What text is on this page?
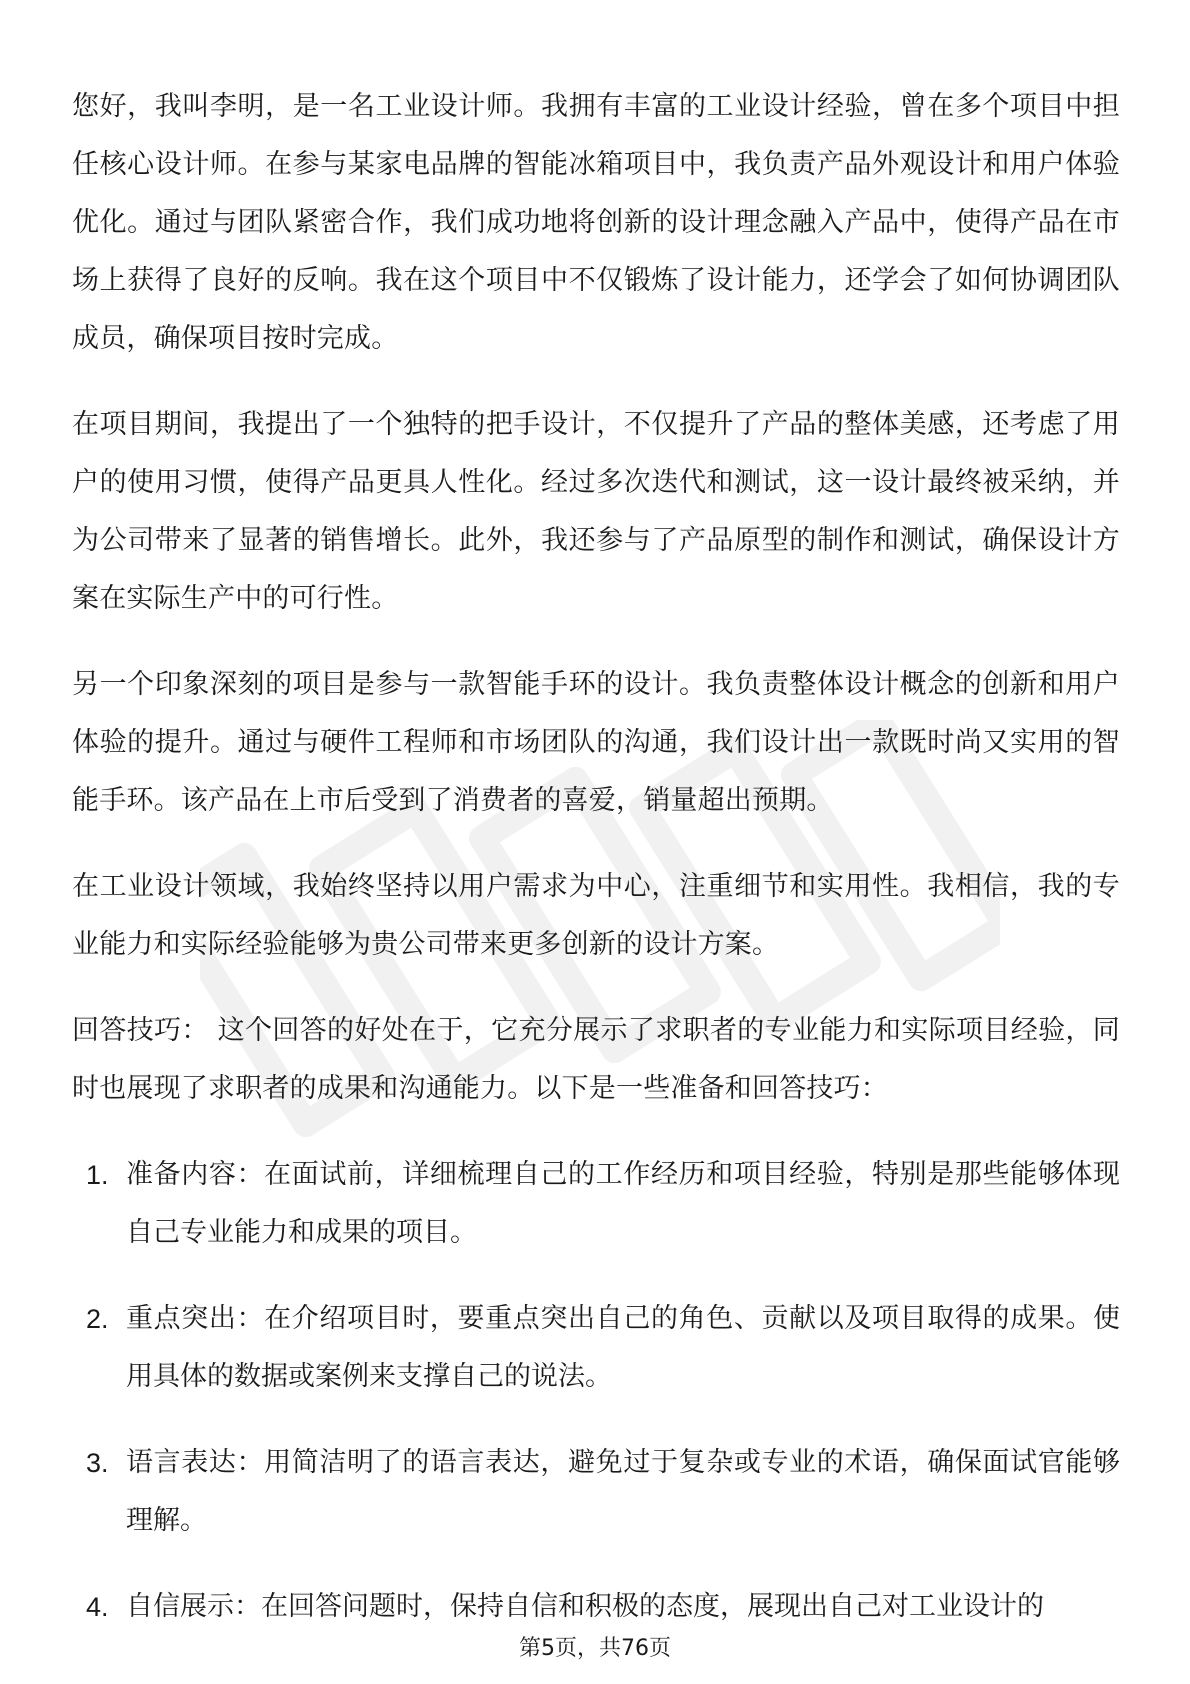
您好，我叫李明，是一名工业设计师。我拥有丰富的工业设计经验，曾在多个项目中担任核心设计师。在参与某家电品牌的智能冰箱项目中，我负责产品外观设计和用户体验优化。通过与团队紧密合作，我们成功地将创新的设计理念融入产品中，使得产品在市场上获得了良好的反响。我在这个项目中不仅锻炼了设计能力，还学会了如何协调团队成员，确保项目按时完成。

在项目期间，我提出了一个独特的把手设计，不仅提升了产品的整体美感，还考虑了用户的使用习惯，使得产品更具人性化。经过多次迭代和测试，这一设计最终被采纳，并为公司带来了显著的销售增长。此外，我还参与了产品原型的制作和测试，确保设计方案在实际生产中的可行性。

另一个印象深刻的项目是参与一款智能手环的设计。我负责整体设计概念的创新和用户体验的提升。通过与硬件工程师和市场团队的沟通，我们设计出一款既时尚又实用的智能手环。该产品在上市后受到了消费者的喜爱，销量超出预期。

在工业设计领域，我始终坚持以用户需求为中心，注重细节和实用性。我相信，我的专业能力和实际经验能够为贵公司带来更多创新的设计方案。

回答技巧： 这个回答的好处在于，它充分展示了求职者的专业能力和实际项目经验，同时也展现了求职者的成果和沟通能力。以下是一些准备和回答技巧：

1. 准备内容：在面试前，详细梳理自己的工作经历和项目经验，特别是那些能够体现自己专业能力和成果的项目。
2. 重点突出：在介绍项目时，要重点突出自己的角色、贡献以及项目取得的成果。使用具体的数据或案例来支撑自己的说法。
3. 语言表达：用简洁明了的语言表达，避免过于复杂或专业的术语，确保面试官能够理解。
4. 自信展示：在回答问题时，保持自信和积极的态度，展现出自己对工业设计的
第5页，共76页
